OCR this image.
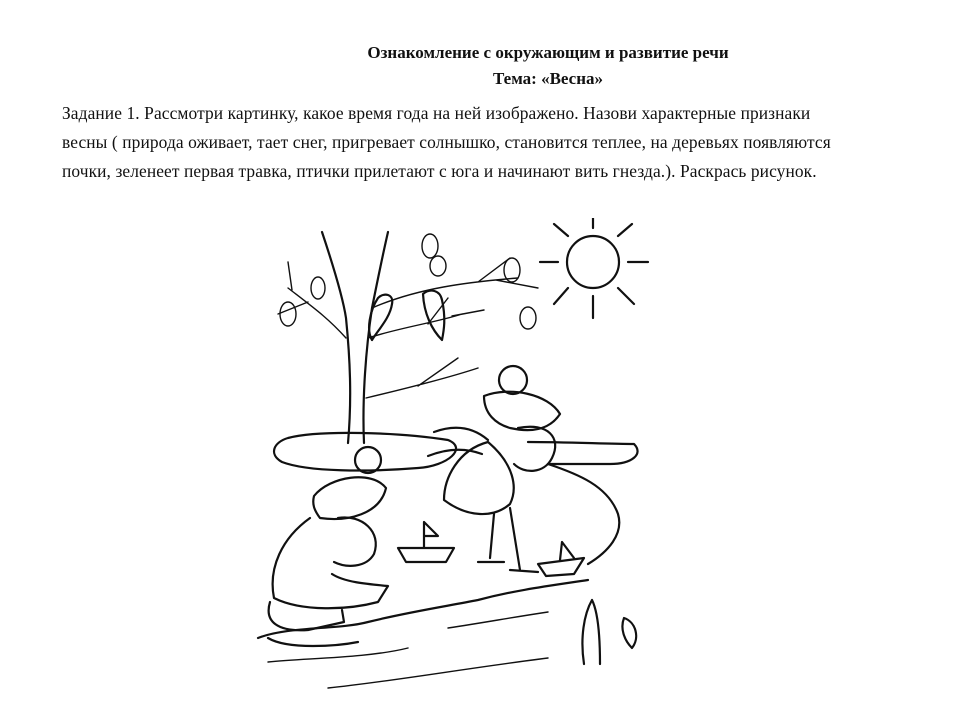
Ознакомление с окружающим и развитие речи
Тема: «Весна»
Задание 1. Рассмотри картинку, какое время года на ней изображено. Назови характерные признаки весны ( природа оживает, тает снег, пригревает солнышко, становится теплее, на деревьях появляются почки, зеленеет первая травка, птички прилетают с юга и начинают вить гнезда.). Раскрась рисунок.
